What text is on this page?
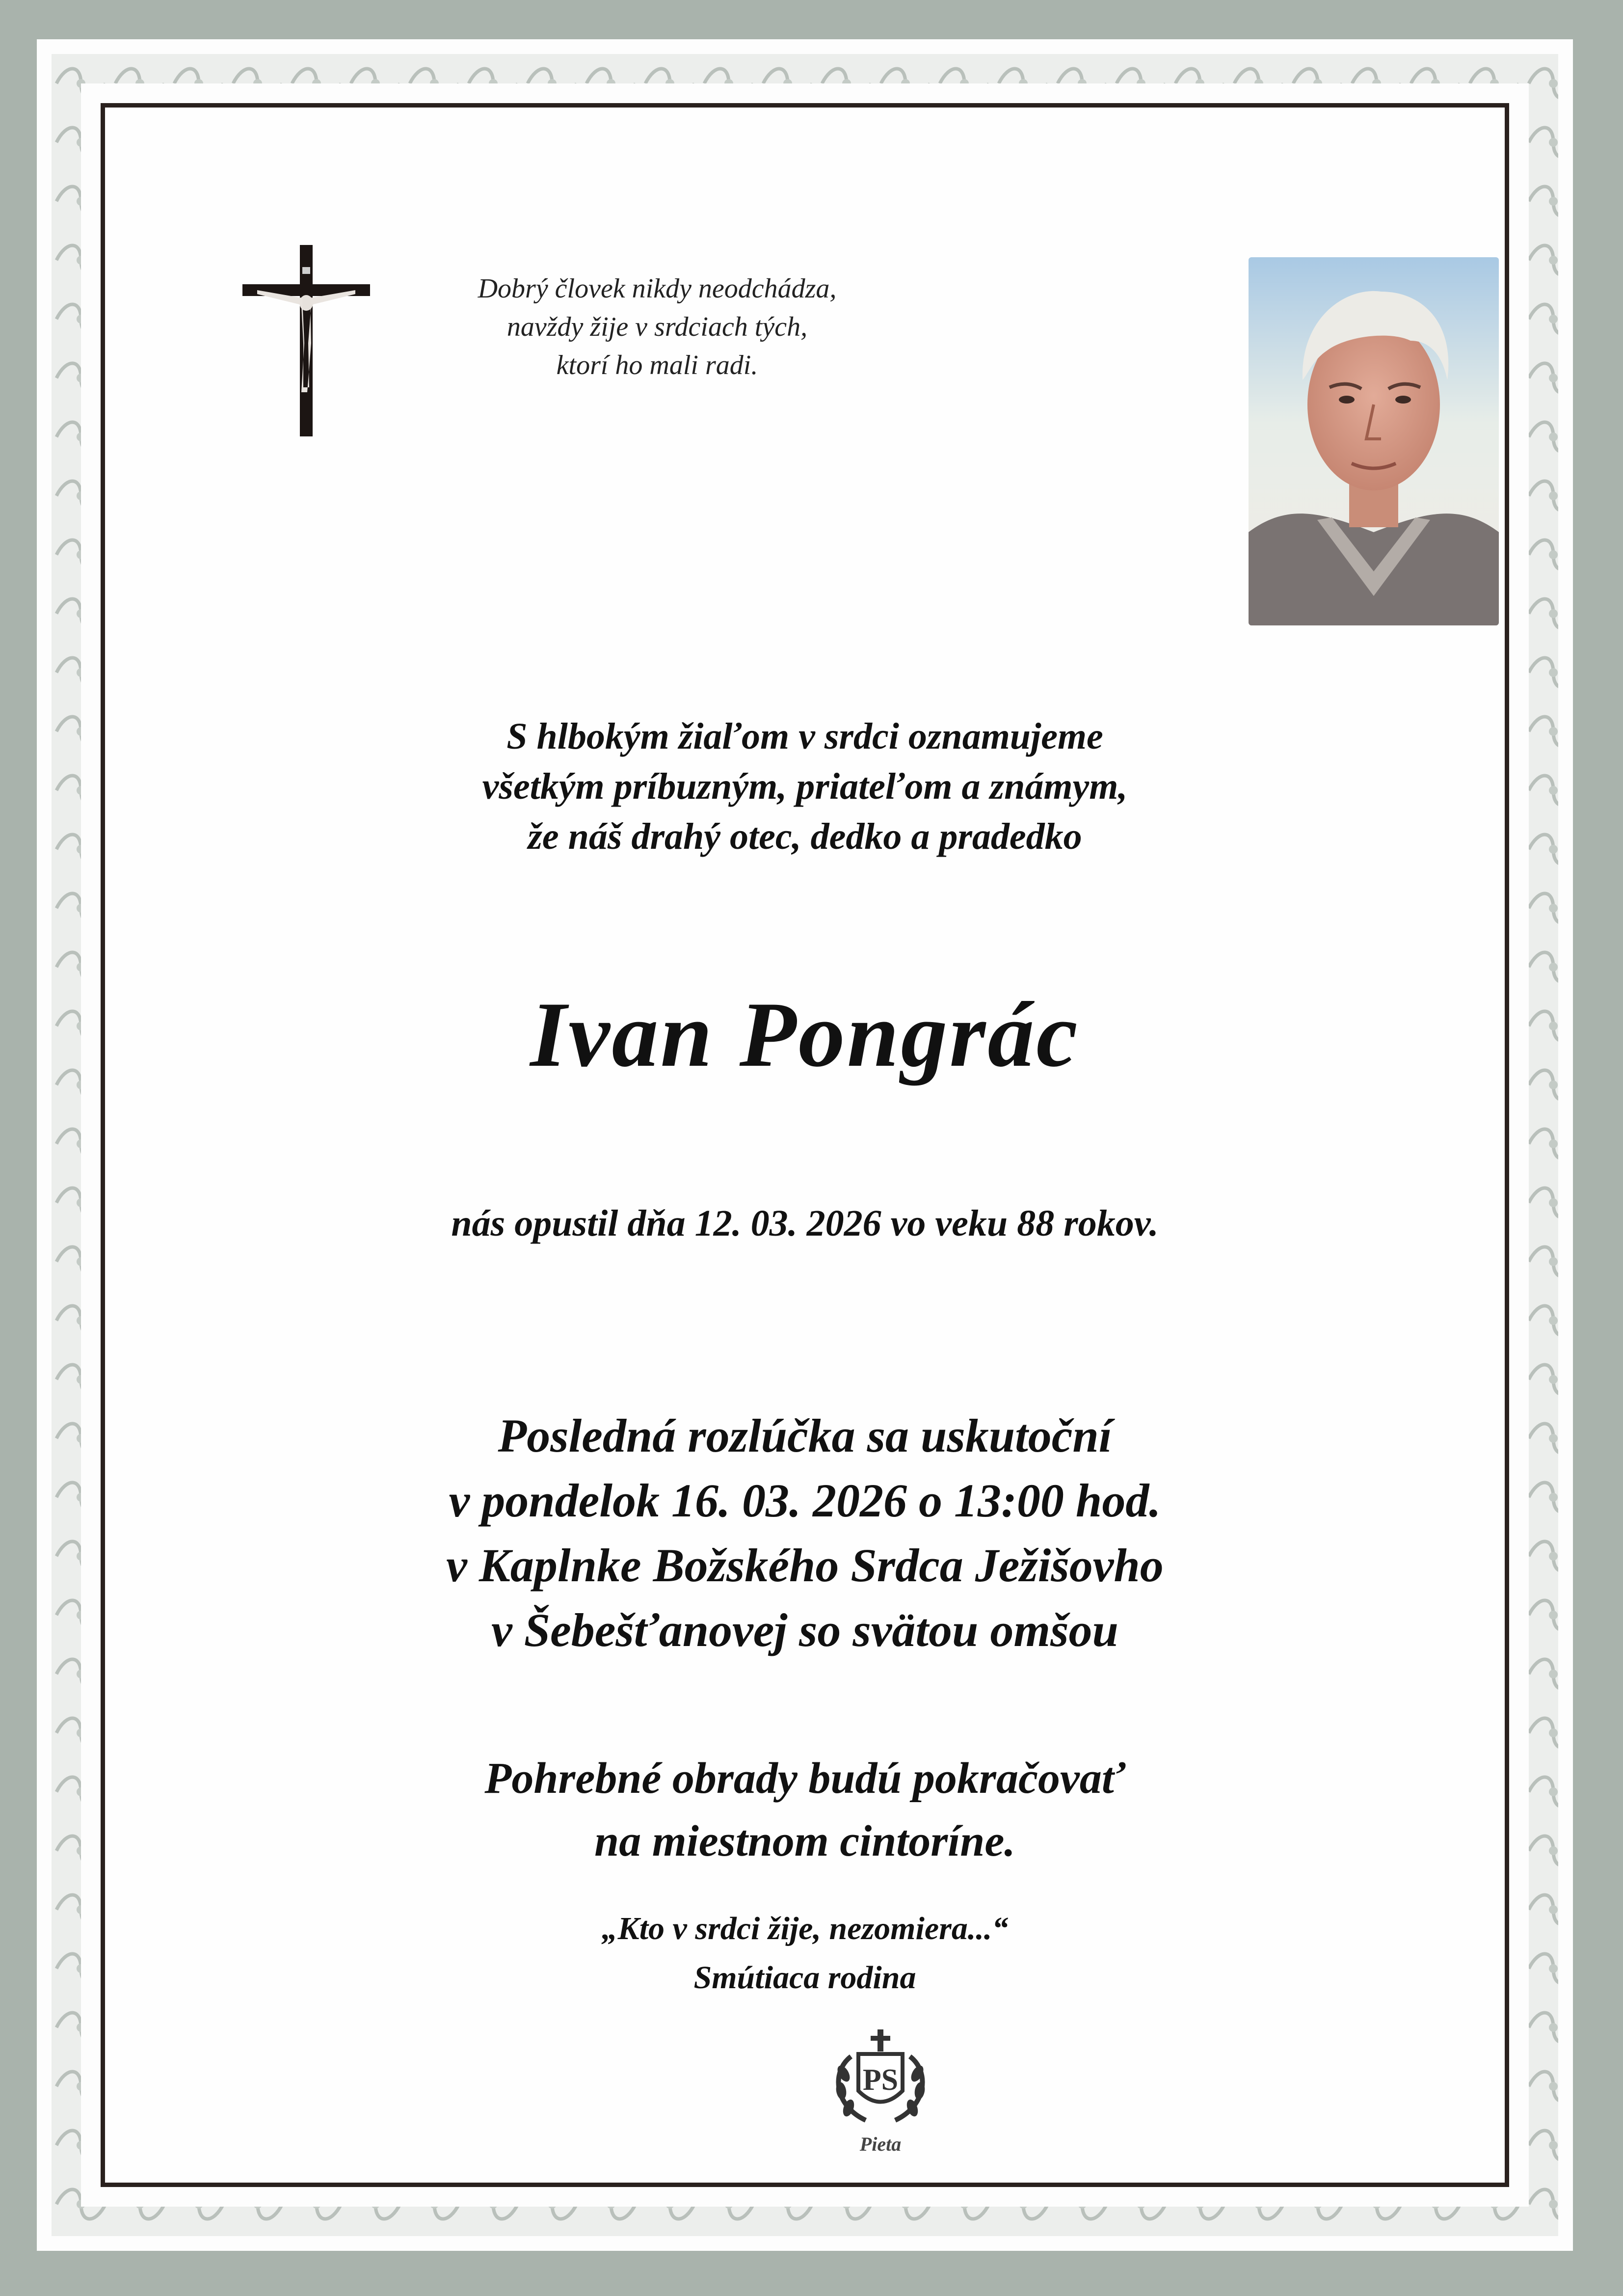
Dobrý človek nikdy neodchádza,
navždy žije v srdciach tých,
ktorí ho mali radi.
S hlbokým žiaľom v srdci oznamujeme
všetkým príbuzným, priateľom a známym,
že náš drahý otec, dedko a pradedko
Ivan Pongrác
nás opustil dňa 12. 03. 2026 vo veku 88 rokov.
Posledná rozlúčka sa uskutoční
v pondelok 16. 03. 2026 o 13:00 hod.
v Kaplnke Božského Srdca Ježišovho
v Šebešťanovej so svätou omšou
Pohrebné obrady budú pokračovať
na miestnom cintoríne.
„Kto v srdci žije, nezomiera...“
Smútiaca rodina
PS
Pieta
